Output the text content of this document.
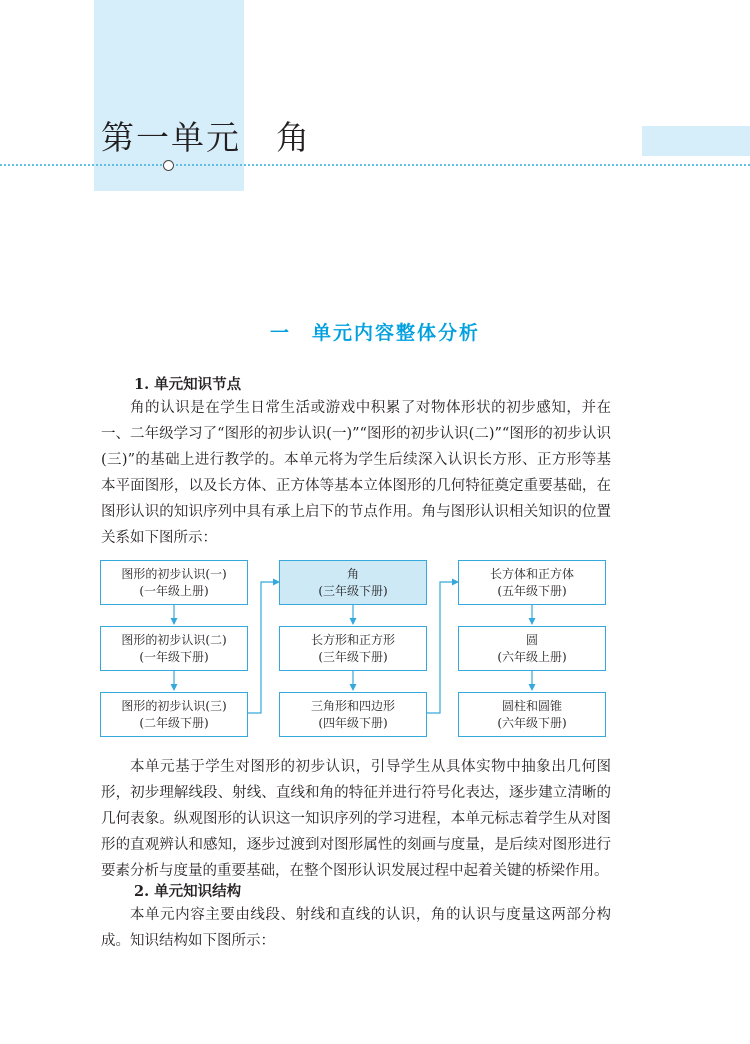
第一单元　角
一　单元内容整体分析
1. 单元知识节点

角的认识是在学生日常生活或游戏中积累了对物体形状的初步感知，并在一、二年级学习了“图形的初步认识(一)”“图形的初步认识(二)”“图形的初步认识(三)”的基础上进行教学的。本单元将为学生后续深入认识长方形、正方形等基本平面图形，以及长方体、正方体等基本立体图形的几何特征奠定重要基础，在图形认识的知识序列中具有承上启下的节点作用。角与图形认识相关知识的位置关系如下图所示：

图形的初步认识(一)
(一年级上册)
图形的初步认识(二)
(一年级下册)
图形的初步认识(三)
(二年级下册)
角
(三年级下册)
长方形和正方形
(三年级下册)
三角形和四边形
(四年级下册)
长方体和正方体
(五年级下册)
圆
(六年级上册)
圆柱和圆锥
(六年级下册)

本单元基于学生对图形的初步认识，引导学生从具体实物中抽象出几何图形，初步理解线段、射线、直线和角的特征并进行符号化表达，逐步建立清晰的几何表象。纵观图形的认识这一知识序列的学习进程，本单元标志着学生从对图形的直观辨认和感知，逐步过渡到对图形属性的刻画与度量，是后续对图形进行要素分析与度量的重要基础，在整个图形认识发展过程中起着关键的桥梁作用。

2. 单元知识结构

本单元内容主要由线段、射线和直线的认识，角的认识与度量这两部分构成。知识结构如下图所示：
